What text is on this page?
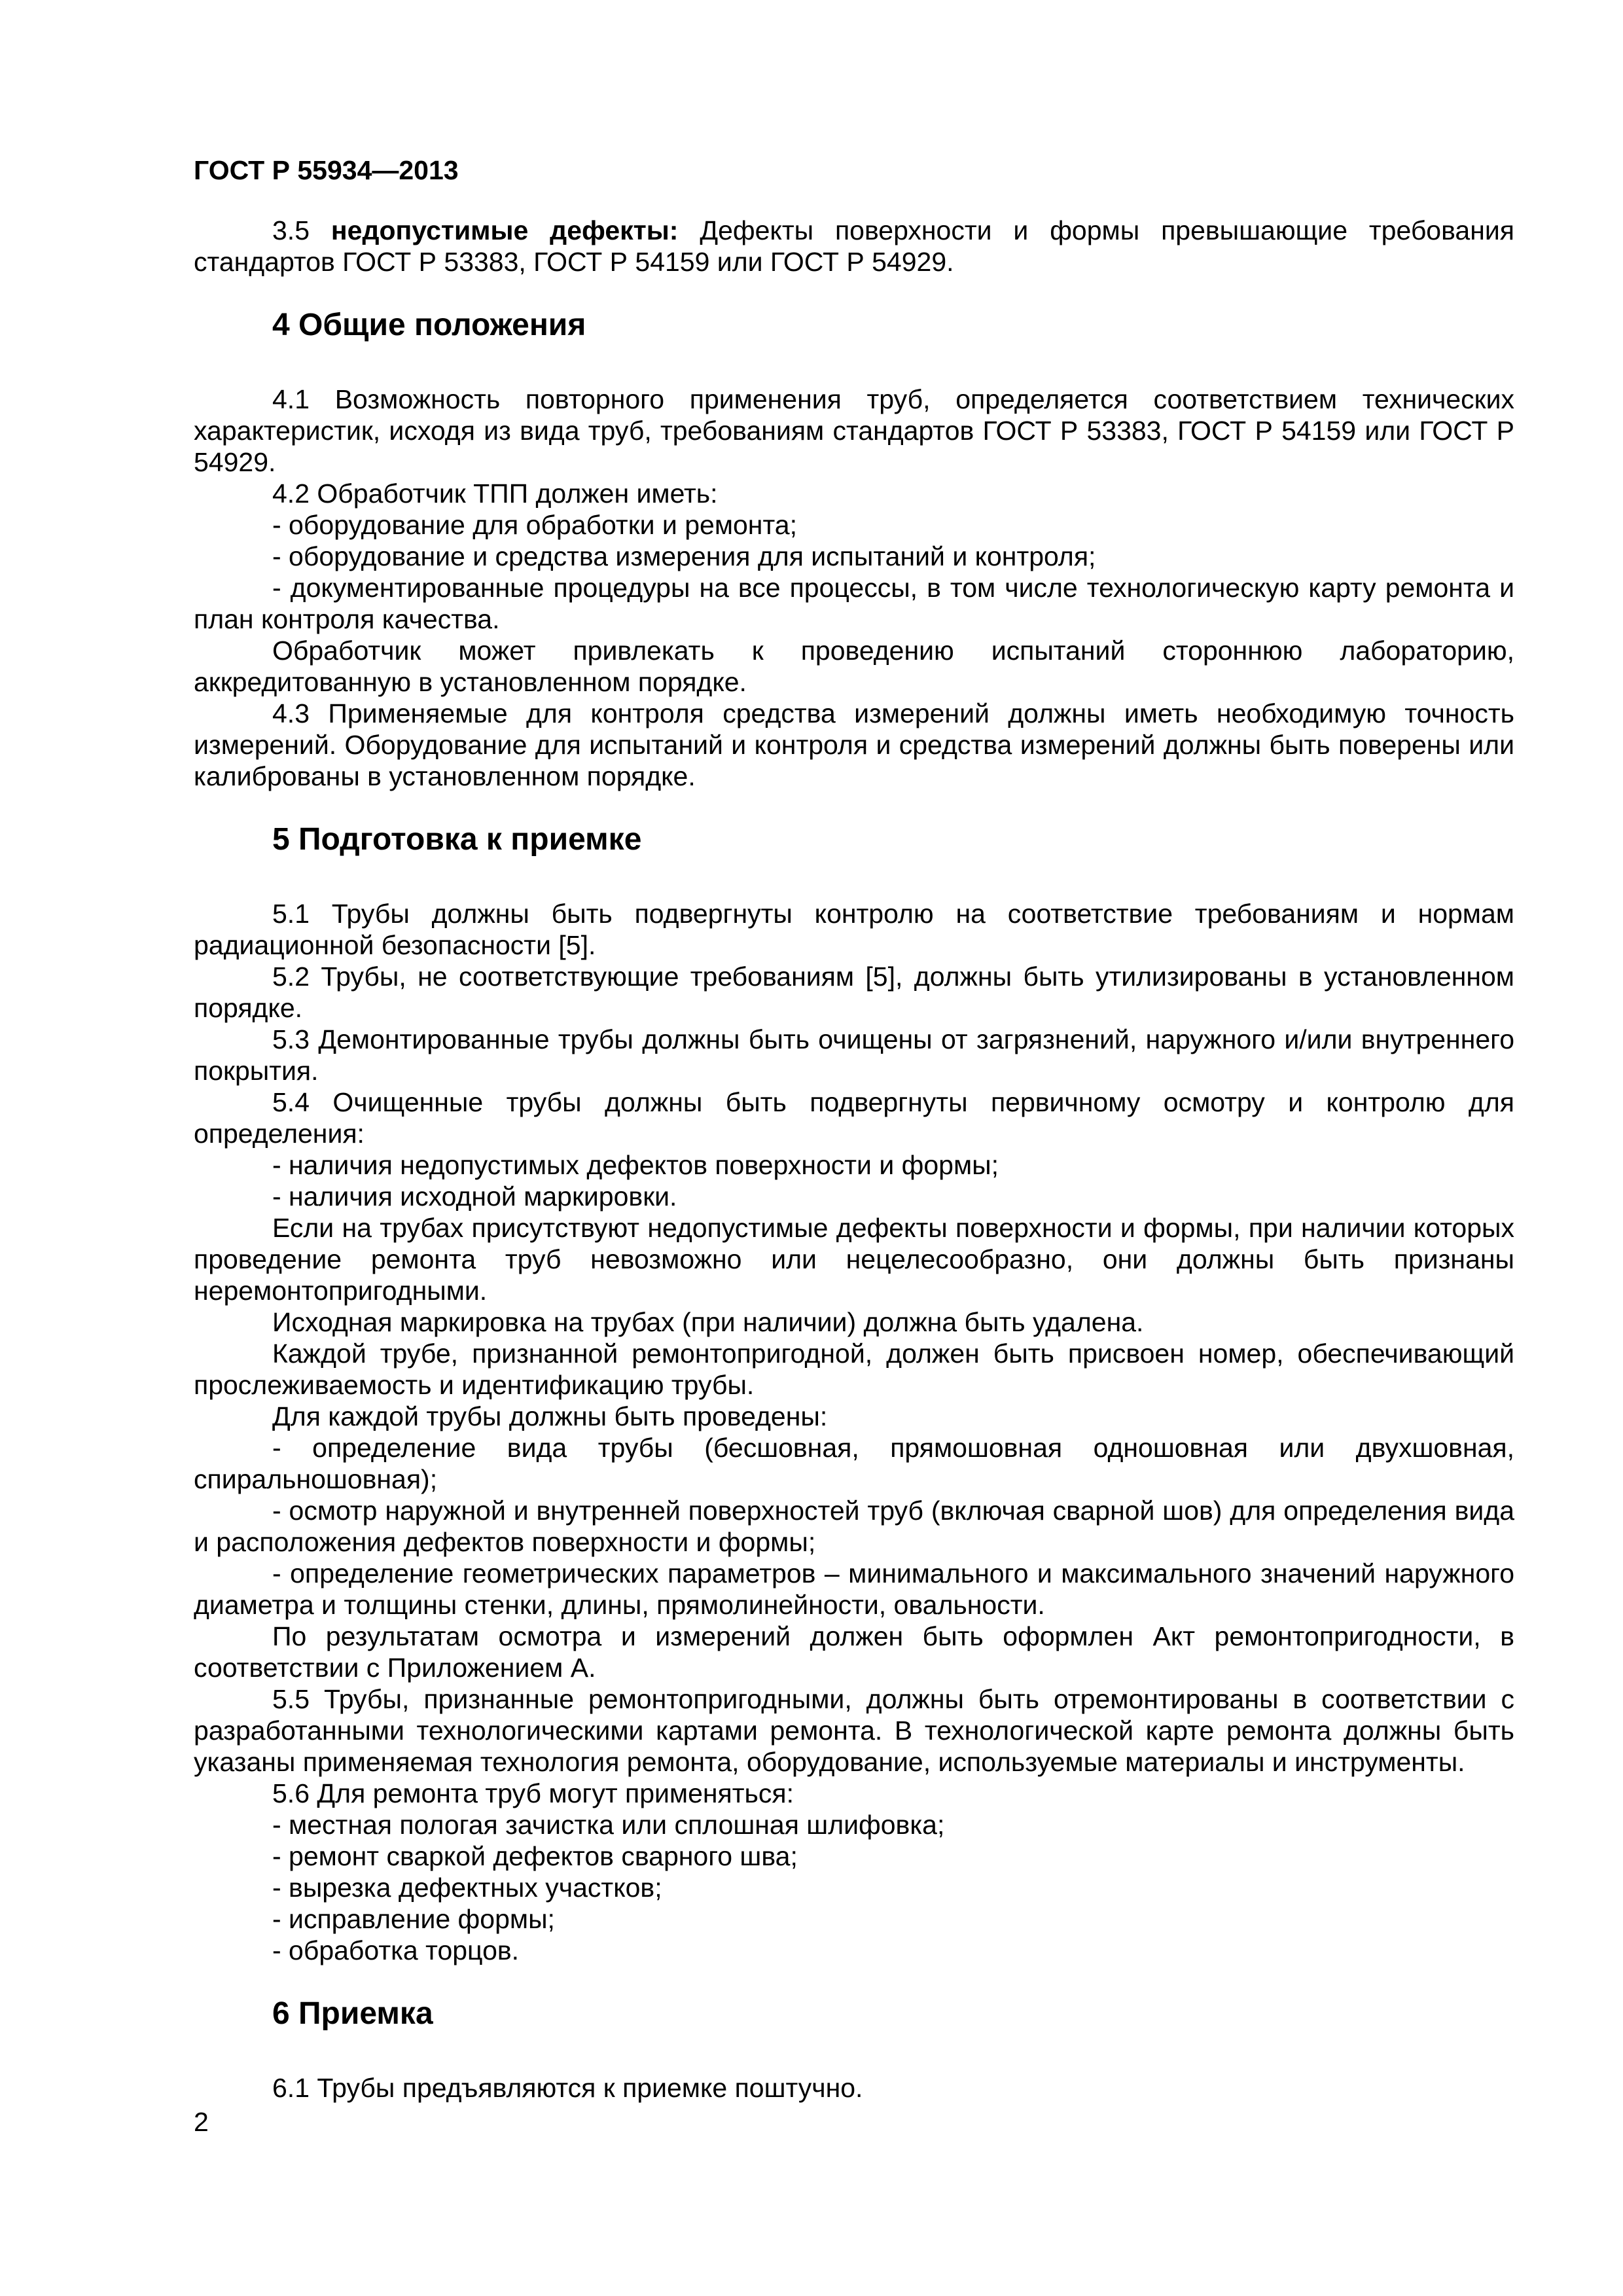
ГОСТ Р 55934—2013

3.5 недопустимые дефекты: Дефекты поверхности и формы превышающие требования стандартов ГОСТ Р 53383, ГОСТ Р 54159 или ГОСТ Р 54929.

4 Общие положения

4.1 Возможность повторного применения труб, определяется соответствием технических характеристик, исходя из вида труб, требованиям стандартов ГОСТ Р 53383, ГОСТ Р 54159 или ГОСТ Р 54929.

4.2 Обработчик ТПП должен иметь:

- оборудование для обработки и ремонта;

- оборудование и средства измерения для испытаний и контроля;

- документированные процедуры на все процессы, в том числе технологическую карту ремонта и план контроля качества.

Обработчик может привлекать к проведению испытаний стороннюю лабораторию, аккредитованную в установленном порядке.

4.3 Применяемые для контроля средства измерений должны иметь необходимую точность измерений. Оборудование для испытаний и контроля и средства измерений должны быть поверены или калиброваны в установленном порядке.

5 Подготовка к приемке

5.1 Трубы должны быть подвергнуты контролю на соответствие требованиям и нормам радиационной безопасности [5].

5.2 Трубы, не соответствующие требованиям [5], должны быть утилизированы в установленном порядке.

5.3 Демонтированные трубы должны быть очищены от загрязнений, наружного и/или внутреннего покрытия.

5.4 Очищенные трубы должны быть подвергнуты первичному осмотру и контролю для определения:

- наличия недопустимых дефектов поверхности и формы;

- наличия исходной маркировки.

Если на трубах присутствуют недопустимые дефекты поверхности и формы, при наличии которых проведение ремонта труб невозможно или нецелесообразно, они должны быть признаны неремонтопригодными.

Исходная маркировка на трубах (при наличии) должна быть удалена.

Каждой трубе, признанной ремонтопригодной, должен быть присвоен номер, обеспечивающий прослеживаемость и идентификацию трубы.

Для каждой трубы должны быть проведены:

- определение вида трубы (бесшовная, прямошовная одношовная или двухшовная, спиральношовная);

- осмотр наружной и внутренней поверхностей труб (включая сварной шов) для определения вида и расположения дефектов поверхности и формы;

- определение геометрических параметров – минимального и максимального значений наружного диаметра и толщины стенки, длины, прямолинейности, овальности.

По результатам осмотра и измерений должен быть оформлен Акт ремонтопригодности, в соответствии с Приложением А.

5.5 Трубы, признанные ремонтопригодными, должны быть отремонтированы в соответствии с разработанными технологическими картами ремонта. В технологической карте ремонта должны быть указаны применяемая технология ремонта, оборудование, используемые материалы и инструменты.

5.6 Для ремонта труб могут применяться:

- местная пологая зачистка или сплошная шлифовка;

- ремонт сваркой дефектов сварного шва;

- вырезка дефектных участков;

- исправление формы;

- обработка торцов.

6 Приемка

6.1 Трубы предъявляются к приемке поштучно.

2
